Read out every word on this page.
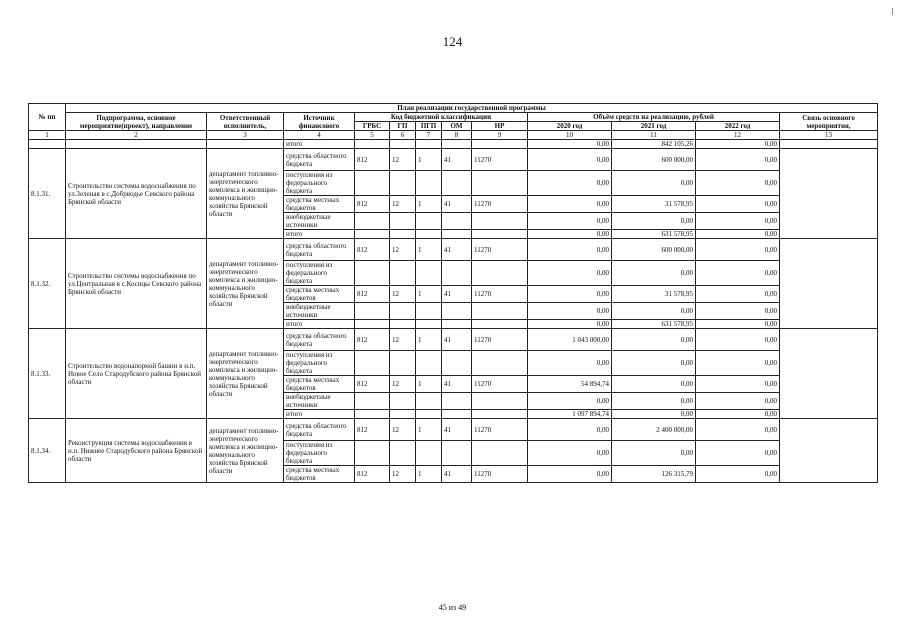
124
№ пп	План реализации государственной программы											
	Подпрограмма, основное мероприятие(проект), направление	Ответственный исполнитель,	Источник финансового	Код бюджетной классификации					Объём средств на реализацию, рублей			Связь основного мероприятия,
				ГРБС	ГП	ПГП	ОМ	НР	2020 год	2021 год	2022 год	
1	2	3	4	5	6	7	8	9	10	11	12	13
			итого						0,00	842 105,26	0,00	
8.1.31.	Строительство системы водоснабжения по ул.Зеленая в с.Добрводье Севского района Брянской области	департамент топливно-энергетического комплекса и жилищно-коммунального хозяйства Брянской области	средства областного бюджета	812	12	1	41	11270	0,00	600 000,00	0,00	
			поступления из федерального бюджета						0,00	0,00	0,00	
			средства местных бюджетов	812	12	1	41	11270	0,00	31 578,95	0,00	
			внебюджетные источники						0,00	0,00	0,00	
			итого						0,00	631 578,95	0,00	
8.1.32.	Строительство системы водоснабжения по ул.Центральная в с.Косицы Севского района Брянской области	департамент топливно-энергетического комплекса и жилищно-коммунального хозяйства Брянской области	средства областного бюджета	812	12	1	41	11270	0,00	600 000,00	0,00	
			поступления из федерального бюджета						0,00	0,00	0,00	
			средства местных бюджетов	812	12	1	41	11270	0,00	31 578,95	0,00	
			внебюджетные источники						0,00	0,00	0,00	
			итого						0,00	631 578,95	0,00	
8.1.33.	Строительство водонапорной башни в н.п. Новое Село Стародубского района Брянской области	департамент топливно-энергетического комплекса и жилищно-коммунального хозяйства Брянской области	средства областного бюджета	812	12	1	41	11270	1 043 000,00	0,00	0,00	
			поступления из федерального бюджета						0,00	0,00	0,00	
			средства местных бюджетов	812	12	1	41	11270	54 894,74	0,00	0,00	
			внебюджетные источники						0,00	0,00	0,00	
			итого						1 097 894,74	0,00	0,00	
8.1.34.	Реконструкция системы водоснабжения в н.п. Нижнее Стародубского района Брянской области	департамент топливно-энергетического комплекса и жилищно-коммунального хозяйства Брянской области	средства областного бюджета	812	12	1	41	11270	0,00	2 400 000,00	0,00	
			поступления из федерального бюджета						0,00	0,00	0,00	
			средства местных бюджетов	812	12	1	41	11270	0,00	126 315,79	0,00	
45 из 49
